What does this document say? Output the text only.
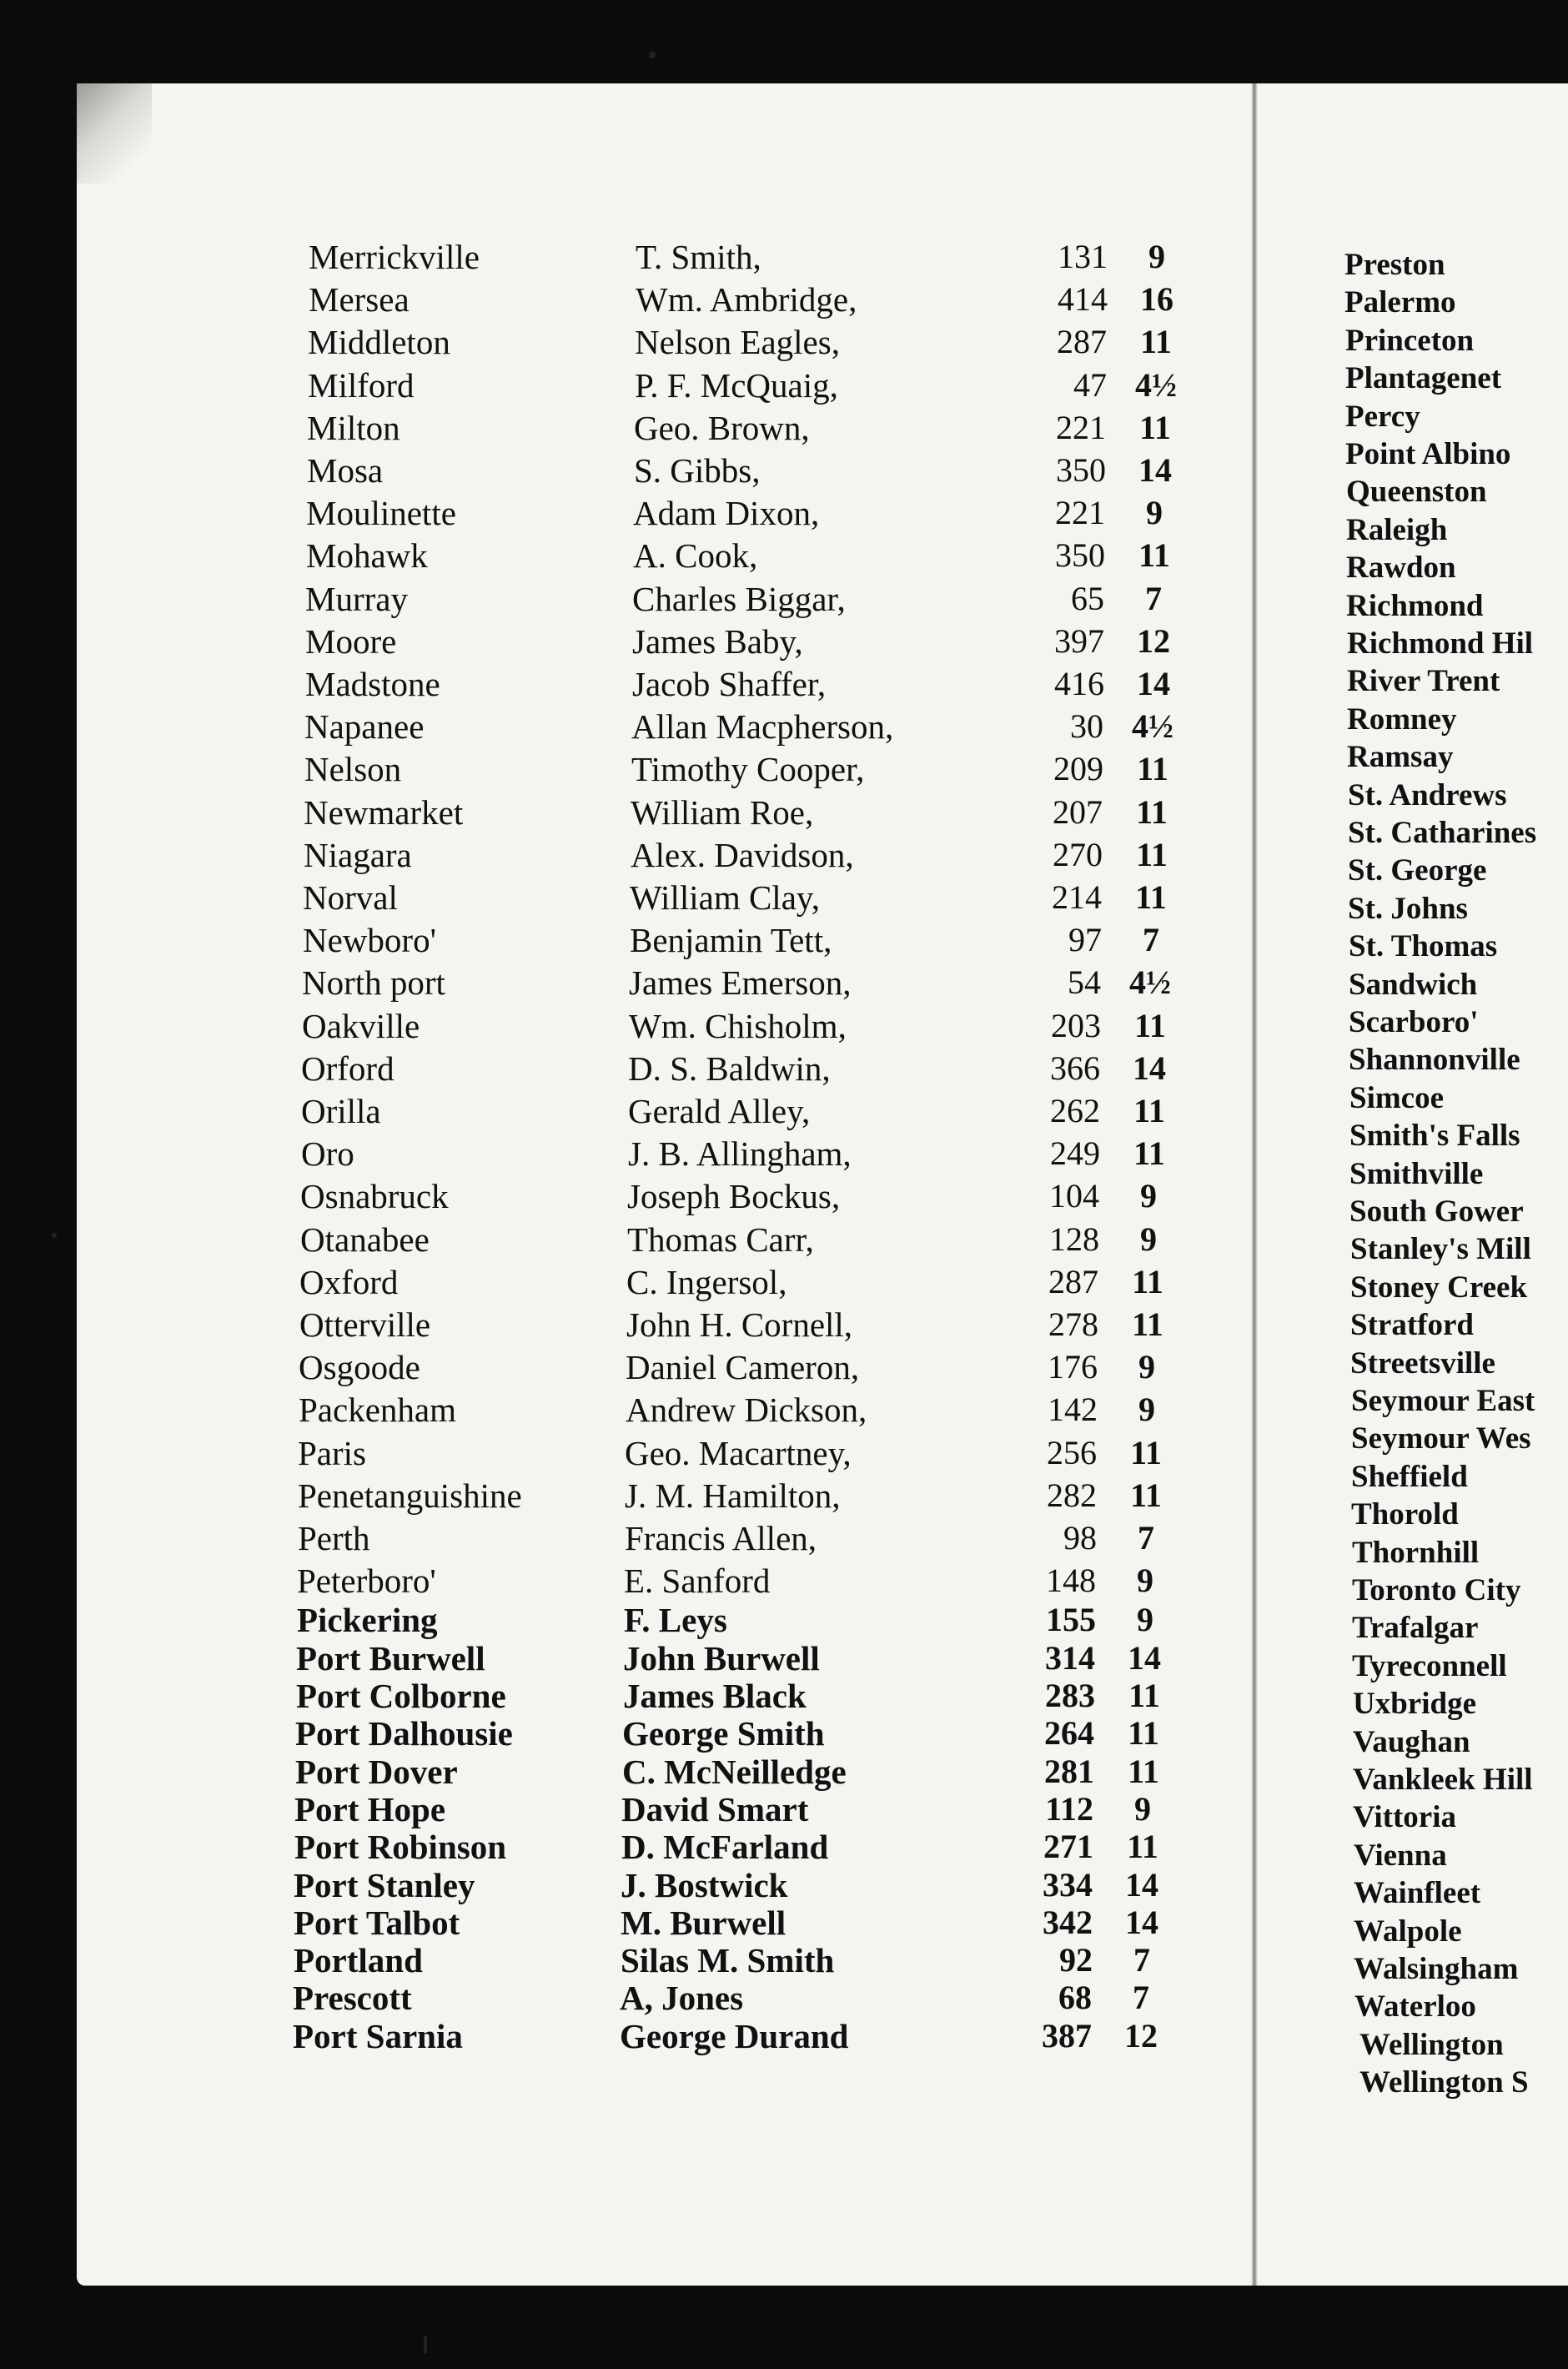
Merrickville	T. Smith,	131	9
Mersea	Wm. Ambridge,	414 16
Middleton	Nelson Eagles,	287	11
Milford	P. F. McQuaig,	47 4½
Milton	Geo. Brown,	221	11
Mosa	S. Gibbs,	350 14
Moulinette	Adam Dixon,	221	9
Mohawk	A. Cook,	350	11
Murray	Charles Biggar,	65	7
Moore	James Baby,	397 12
Madstone	Jacob Shaffer,	416 14
Napanee	Allan Macpherson,	30 4½
Nelson	Timothy Cooper,	209	11
Newmarket	William Roe,	207	11
Niagara	Alex. Davidson,	270	11
Norval	William Clay,	214	11
Newboro'	Benjamin Tett,	97	7
North port	James Emerson,	54 4½
Oakville	Wm. Chisholm,	203	11
Orford	D. S. Baldwin,	366 14
Orilla	Gerald Alley,	262	11
Oro	J. B. Allingham,	249	11
Osnabruck	Joseph Bockus,	104	9
Otanabee	Thomas Carr,	128	9
Oxford	C. Ingersol,	287	11
Otterville	John H. Cornell,	278	11
Osgoode	Daniel Cameron,	176	9
Packenham	Andrew Dickson,	142	9
Paris	Geo. Macartney,	256	11
Penetanguishine	J. M. Hamilton,	282	11
Perth	Francis Allen,	98	7
Peterboro'	E. Sanford	148	9
Pickering	F. Leys	155	9
Port Burwell	John Burwell	314 14
Port Colborne	James Black	283	11
Port Dalhousie	George Smith	264	11
Port Dover	C. McNeilledge	281	11
Port Hope	David Smart	112	9
Port Robinson	D. McFarland	271	11
Port Stanley	J. Bostwick	334 14
Port Talbot	M. Burwell	342 14
Portland	Silas M. Smith	92	7
Prescott	A, Jones	68	7
Port Sarnia	George Durand	387 12
Preston
Palermo
Princeton
Plantagenet
Percy
Point Albino
Queenston
Raleigh
Rawdon
Richmond
Richmond Hil
River Trent
Romney
Ramsay
St. Andrews
St. Catharines
St. George
St. Johns
St. Thomas
Sandwich
Scarboro'
Shannonville
Simcoe
Smith's Falls
Smithville
South Gower
Stanley's Mill
Stoney Creek
Stratford
Streetsville
Seymour East
Seymour Wes
Sheffield
Thorold
Thornhill
Toronto City
Trafalgar
Tyreconnell
Uxbridge
Vaughan
Vankleek Hill
Vittoria
Vienna
Wainfleet
Walpole
Walsingham
Waterloo
Wellington
Wellington S
